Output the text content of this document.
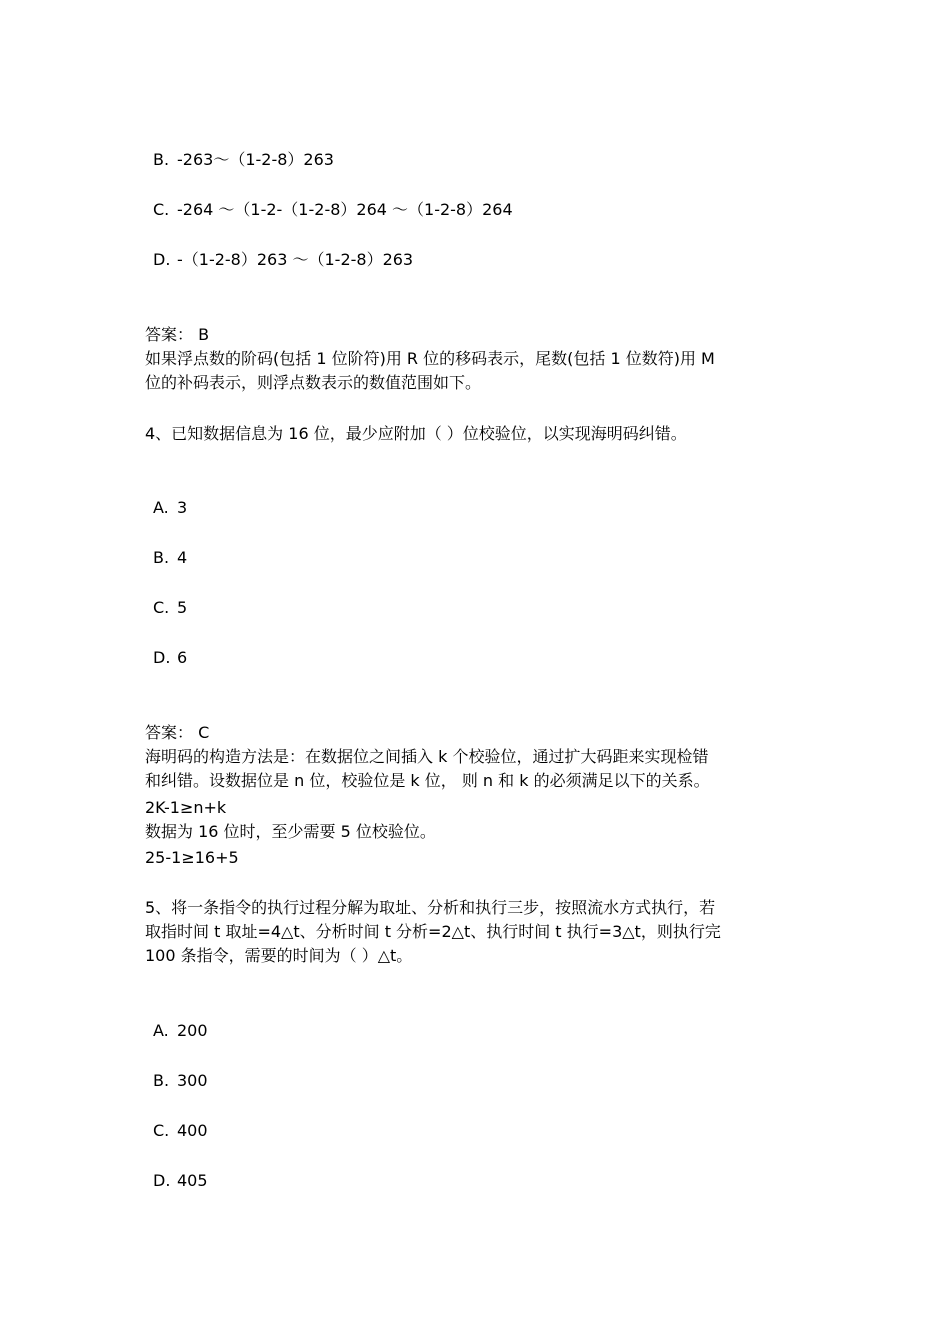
B. -263～（1-2-8）263
C. -264 ～（1-2-（1-2-8）264 ～（1-2-8）264
D. -（1-2-8）263 ～（1-2-8）263
答案： B
如果浮点数的阶码(包括 1 位阶符)用 R 位的移码表示，尾数(包括 1 位数符)用 M
位的补码表示，则浮点数表示的数值范围如下。
4、已知数据信息为 16 位，最少应附加（ ）位校验位，以实现海明码纠错。
A. 3
B. 4
C. 5
D. 6
答案： C
海明码的构造方法是：在数据位之间插入 k 个校验位，通过扩大码距来实现检错
和纠错。设数据位是 n 位，校验位是 k 位， 则 n 和 k 的必须满足以下的关系。
2K-1≥n+k
数据为 16 位时，至少需要 5 位校验位。
25-1≥16+5
5、将一条指令的执行过程分解为取址、分析和执行三步，按照流水方式执行，若
取指时间 t 取址=4△t、分析时间 t 分析=2△t、执行时间 t 执行=3△t，则执行完
100 条指令，需要的时间为（ ）△t。
A. 200
B. 300
C. 400
D. 405
